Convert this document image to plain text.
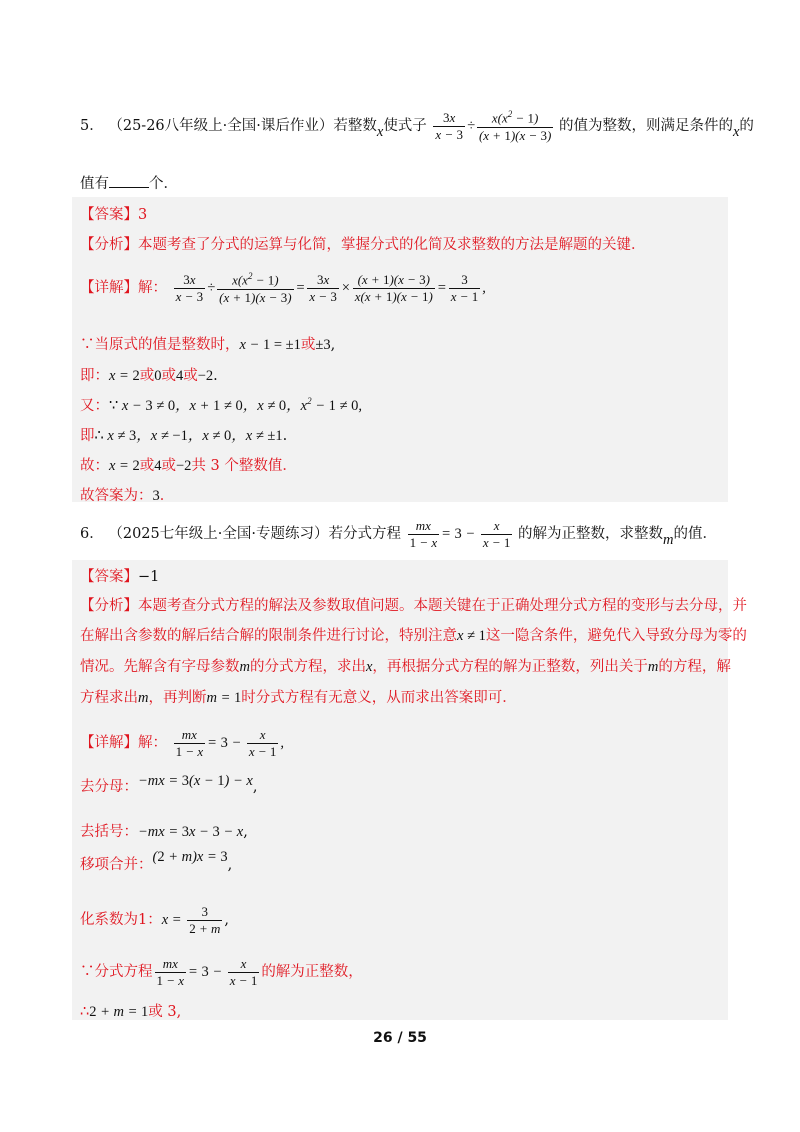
5． （25-26八年级上·全国·课后作业）若整数x使式子 $\frac{3x}{x - 3} \div \frac{x(x^2 - 1)}{(x + 1)(x - 3)}$ 的值为整数，则满足条件的x的
值有	个．
【答案】3
【分析】本题考查了分式的运算与化简，掌握分式的化简及求整数的方法是解题的关键．
【详解】解： $\frac{3x}{x - 3} \div \frac{x(x^2 - 1)}{(x + 1)(x - 3)} = \frac{3x}{x - 3} \times \frac{(x + 1)(x - 3)}{x(x + 1)(x - 1)} = \frac{3}{x - 1}$ ,
∵当原式的值是整数时，x − 1 = ±1或±3,
即：x = 2或0或4或−2.
又：∵ x − 3 ≠ 0，x + 1 ≠ 0，x ≠ 0，$x^2 - 1 \ne 0$,
即∴ x ≠ 3，x ≠ −1，x ≠ 0，x ≠ ±1.
故：x = 2或4或−2共 3 个整数值．
故答案为：3．
6． （2025七年级上·全国·专题练习）若分式方程 $\frac{mx}{1 - x} = 3 - \frac{x}{x - 1}$ 的解为正整数，求整数m的值．
【答案】−1
【分析】本题考查分式方程的解法及参数取值问题。本题关键在于正确处理分式方程的变形与去分母，并
在解出含参数的解后结合解的限制条件进行讨论，特别注意x ≠ 1这一隐含条件，避免代入导致分母为零的
情况。先解含有字母参数m的分式方程，求出x，再根据分式方程的解为正整数，列出关于m的方程，解
方程求出m，再判断m = 1时分式方程有无意义，从而求出答案即可．
【详解】解： $\frac{mx}{1 - x} = 3 - \frac{x}{x - 1}$ ,
去分母：−mx = 3(x − 1) − x,
去括号：−mx = 3x − 3 − x,
移项合并：(2 + m)x = 3,
化系数为1：$x = \frac{3}{2 + m}$ ,
∵分式方程 $\frac{mx}{1 - x} = 3 - \frac{x}{x - 1}$ 的解为正整数，
∴2 + m = 1或 3,
26 / 55
